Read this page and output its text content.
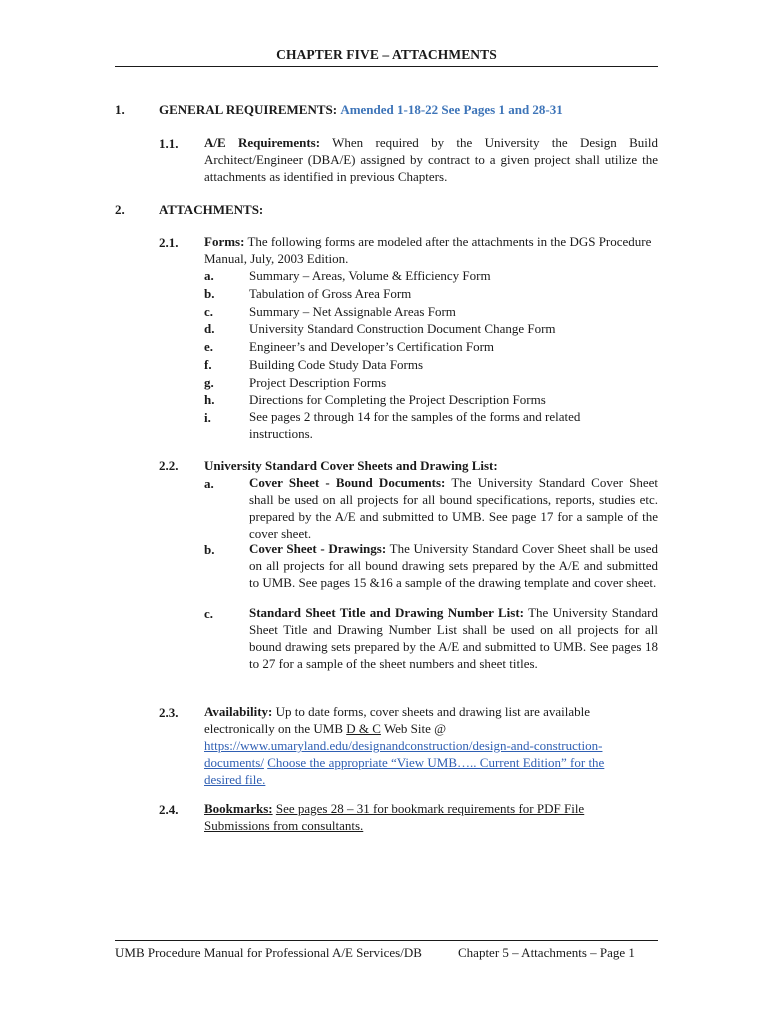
CHAPTER FIVE – ATTACHMENTS
1.	GENERAL REQUIREMENTS: Amended 1-18-22 See Pages 1 and 28-31
1.1. A/E Requirements: When required by the University the Design Build Architect/Engineer (DBA/E) assigned by contract to a given project shall utilize the attachments as identified in previous Chapters.
2.	ATTACHMENTS:
2.1. Forms: The following forms are modeled after the attachments in the DGS Procedure Manual, July, 2003 Edition.
a.	Summary – Areas, Volume & Efficiency Form
b.	Tabulation of Gross Area Form
c.	Summary – Net Assignable Areas Form
d.	University Standard Construction Document Change Form
e.	Engineer’s and Developer’s Certification Form
f.	Building Code Study Data Forms
g.	Project Description Forms
h.	Directions for Completing the Project Description Forms
i.	See pages 2 through 14 for the samples of the forms and related instructions.
2.2. University Standard Cover Sheets and Drawing List:
a.	Cover Sheet - Bound Documents: The University Standard Cover Sheet shall be used on all projects for all bound specifications, reports, studies etc. prepared by the A/E and submitted to UMB. See page 17 for a sample of the cover sheet.
b.	Cover Sheet - Drawings: The University Standard Cover Sheet shall be used on all projects for all bound drawing sets prepared by the A/E and submitted to UMB. See pages 15 &16 a sample of the drawing template and cover sheet.
c.	Standard Sheet Title and Drawing Number List: The University Standard Sheet Title and Drawing Number List shall be used on all projects for all bound drawing sets prepared by the A/E and submitted to UMB. See pages 18 to 27 for a sample of the sheet numbers and sheet titles.
2.3. Availability: Up to date forms, cover sheets and drawing list are available electronically on the UMB D & C Web Site @ https://www.umaryland.edu/designandconstruction/design-and-construction-documents/ Choose the appropriate “View UMB….. Current Edition” for the desired file.
2.4. Bookmarks: See pages 28 – 31 for bookmark requirements for PDF File Submissions from consultants.
UMB Procedure Manual for Professional A/E Services/DB	Chapter 5 – Attachments – Page 1
